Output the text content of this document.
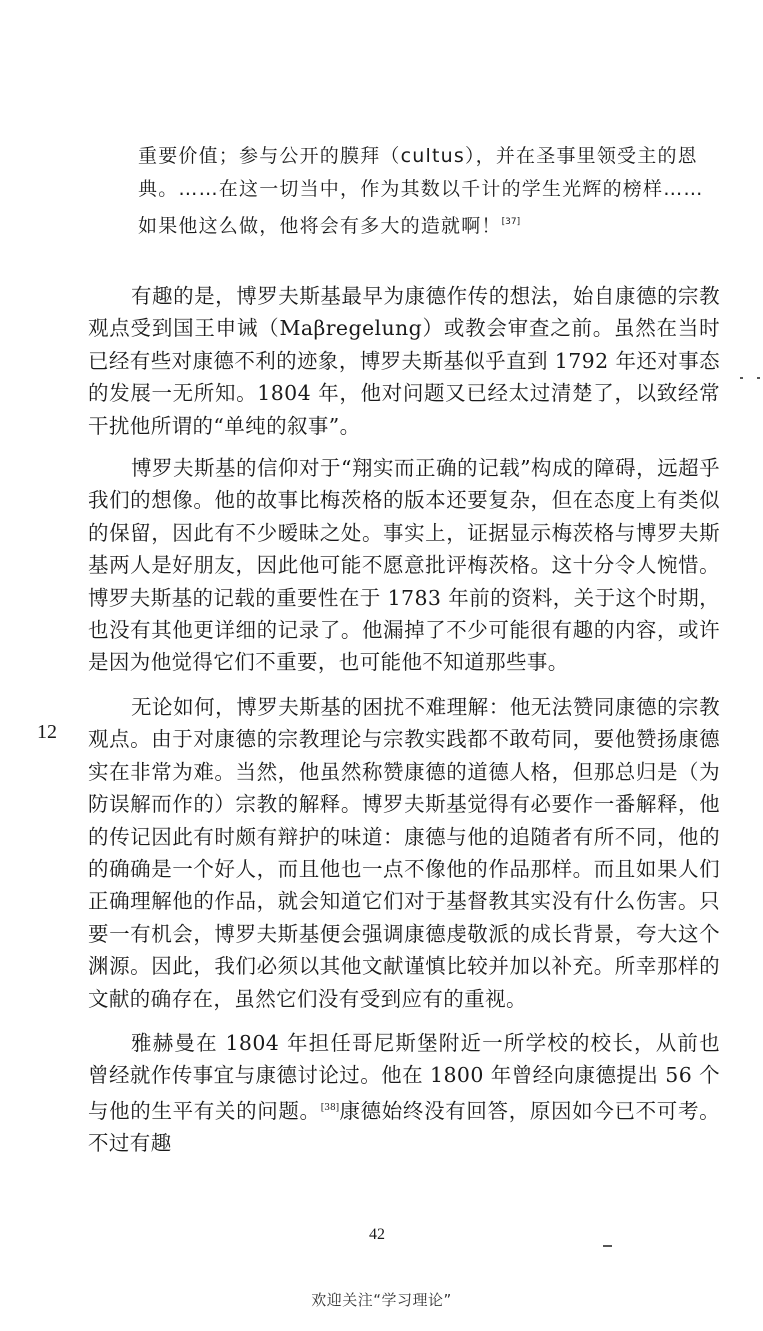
重要价值；参与公开的膜拜（cultus），并在圣事里领受主的恩典。……在这一切当中，作为其数以千计的学生光辉的榜样……如果他这么做，他将会有多大的造就啊！[37]

12

有趣的是，博罗夫斯基最早为康德作传的想法，始自康德的宗教观点受到国王申诫（Maβregelung）或教会审查之前。虽然在当时已经有些对康德不利的迹象，博罗夫斯基似乎直到 1792 年还对事态的发展一无所知。1804 年，他对问题又已经太过清楚了，以致经常干扰他所谓的“单纯的叙事”。

博罗夫斯基的信仰对于“翔实而正确的记载”构成的障碍，远超乎我们的想像。他的故事比梅茨格的版本还要复杂，但在态度上有类似的保留，因此有不少暧昧之处。事实上，证据显示梅茨格与博罗夫斯基两人是好朋友，因此他可能不愿意批评梅茨格。这十分令人惋惜。博罗夫斯基的记载的重要性在于 1783 年前的资料，关于这个时期，也没有其他更详细的记录了。他漏掉了不少可能很有趣的内容，或许是因为他觉得它们不重要，也可能他不知道那些事。

无论如何，博罗夫斯基的困扰不难理解：他无法赞同康德的宗教观点。由于对康德的宗教理论与宗教实践都不敢苟同，要他赞扬康德实在非常为难。当然，他虽然称赞康德的道德人格，但那总归是（为防误解而作的）宗教的解释。博罗夫斯基觉得有必要作一番解释，他的传记因此有时颇有辩护的味道：康德与他的追随者有所不同，他的的确确是一个好人，而且他也一点不像他的作品那样。而且如果人们正确理解他的作品，就会知道它们对于基督教其实没有什么伤害。只要一有机会，博罗夫斯基便会强调康德虔敬派的成长背景，夸大这个渊源。因此，我们必须以其他文献谨慎比较并加以补充。所幸那样的文献的确存在，虽然它们没有受到应有的重视。

雅赫曼在 1804 年担任哥尼斯堡附近一所学校的校长，从前也曾经就作传事宜与康德讨论过。他在 1800 年曾经向康德提出 56 个与他的生平有关的问题。[38]康德始终没有回答，原因如今已不可考。不过有趣

42
欢迎关注“学习理论”
